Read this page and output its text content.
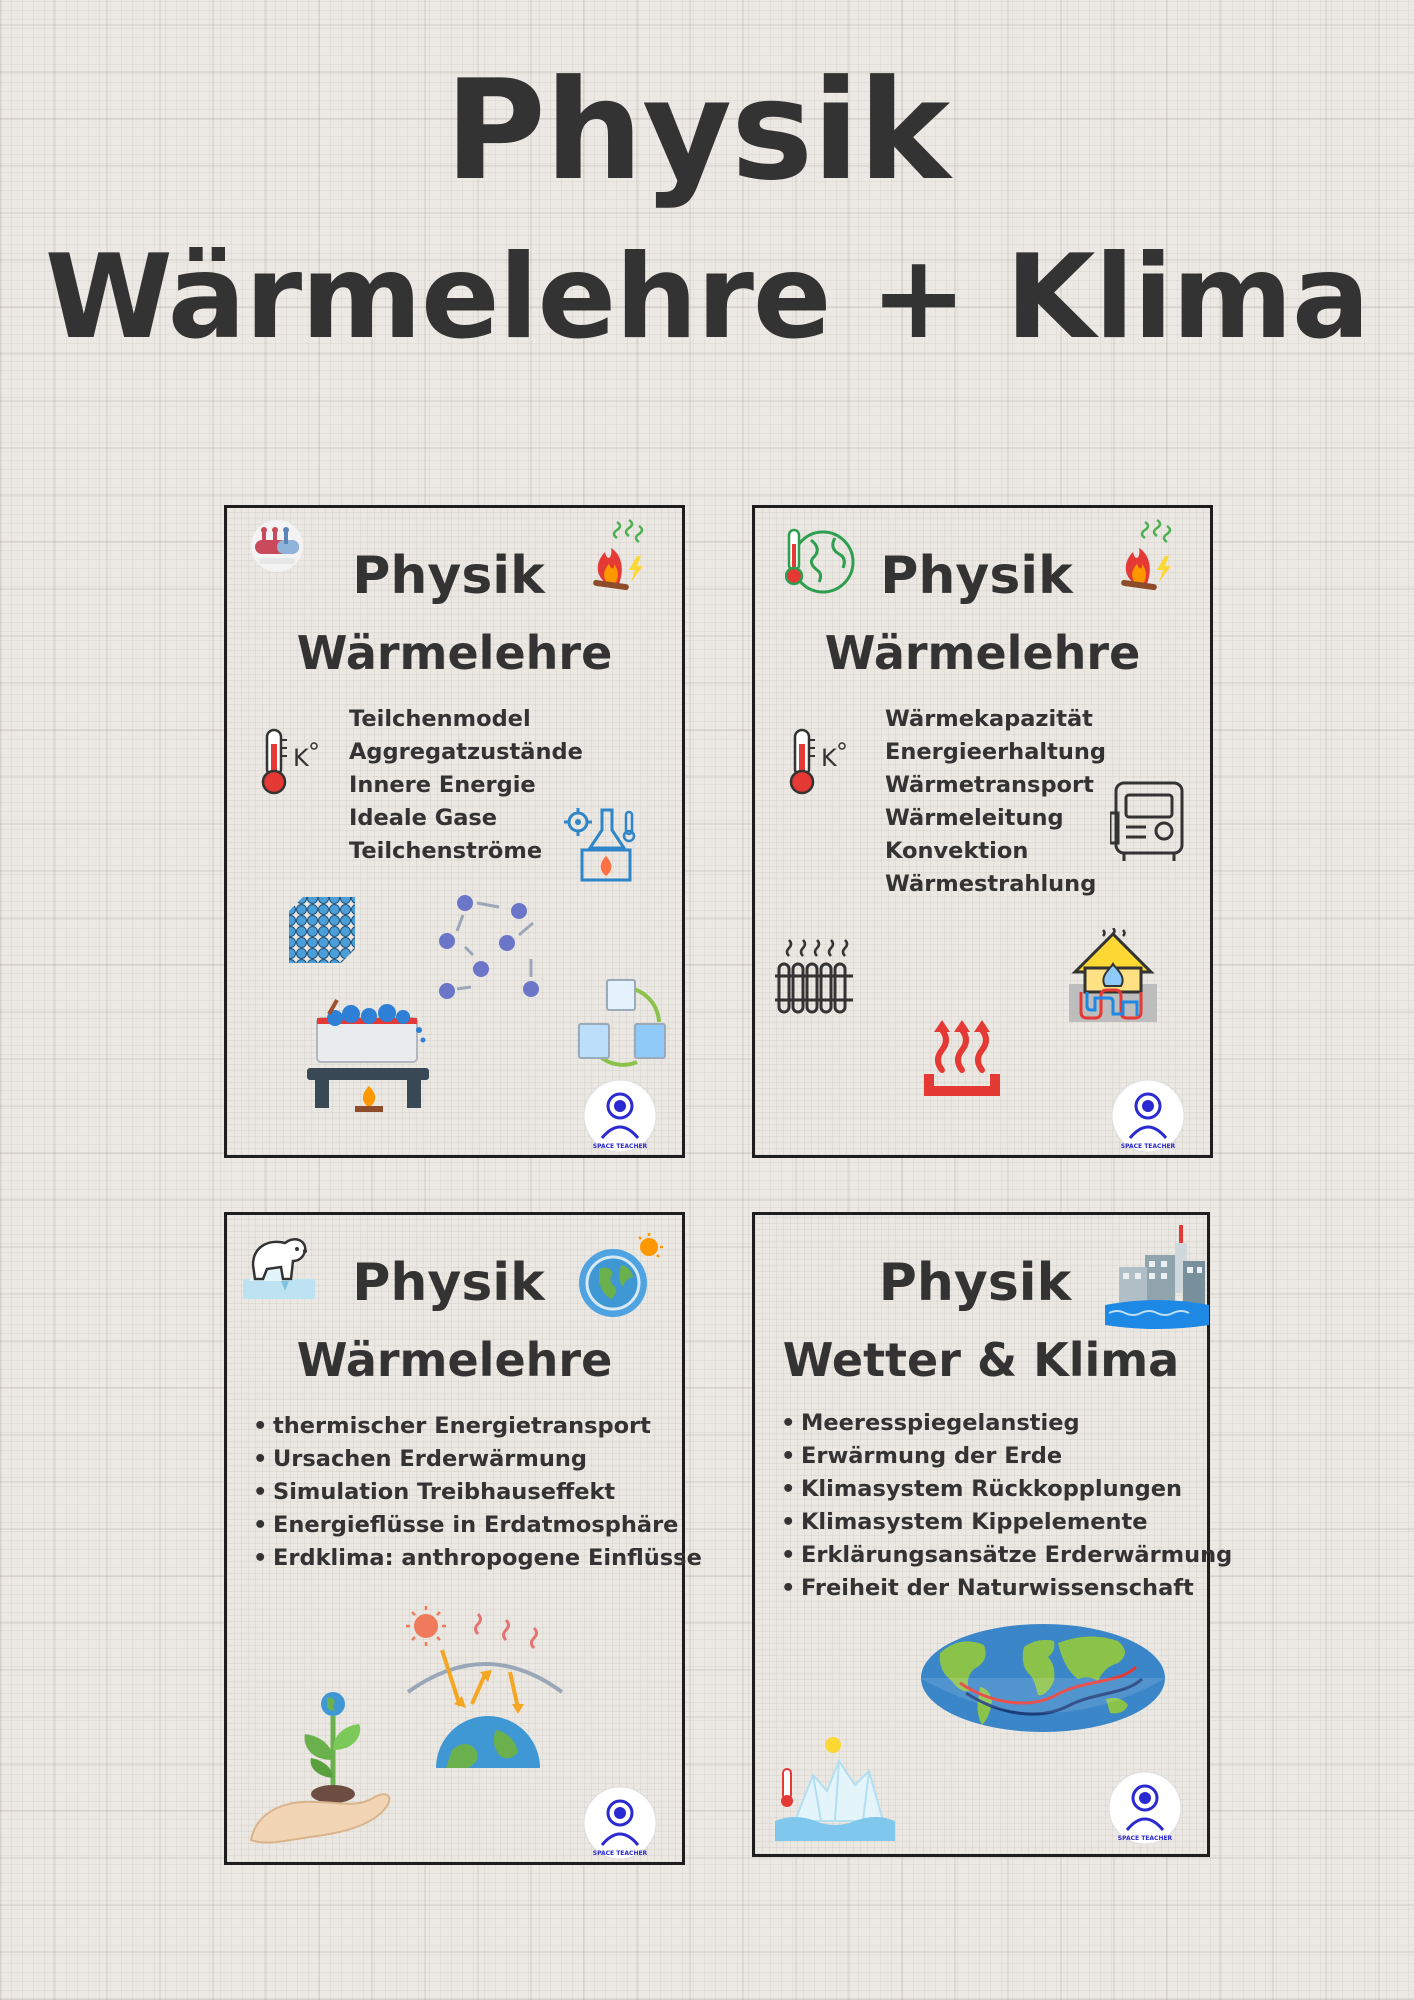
Physik
Wärmelehre + Klima

Physik

Wärmelehre

Teilchenmodel
Aggregatzustände
Innere Energie
Ideale Gase
Teilchenströme
K
SPACE TEACHER

Physik

Wärmelehre

Wärmekapazität
Energieerhaltung
Wärmetransport
Wärmeleitung
Konvektion
Wärmestrahlung
K
SPACE TEACHER

Physik

Wärmelehre

• thermischer Energietransport
• Ursachen Erderwärmung
• Simulation Treibhauseffekt
• Energieflüsse in Erdatmosphäre
• Erdklima: anthropogene Einflüsse
SPACE TEACHER

Physik

Wetter & Klima

• Meeresspiegelanstieg
• Erwärmung der Erde
• Klimasystem Rückkopplungen
• Klimasystem Kippelemente
• Erklärungsansätze Erderwärmung
• Freiheit der Naturwissenschaft
SPACE TEACHER
